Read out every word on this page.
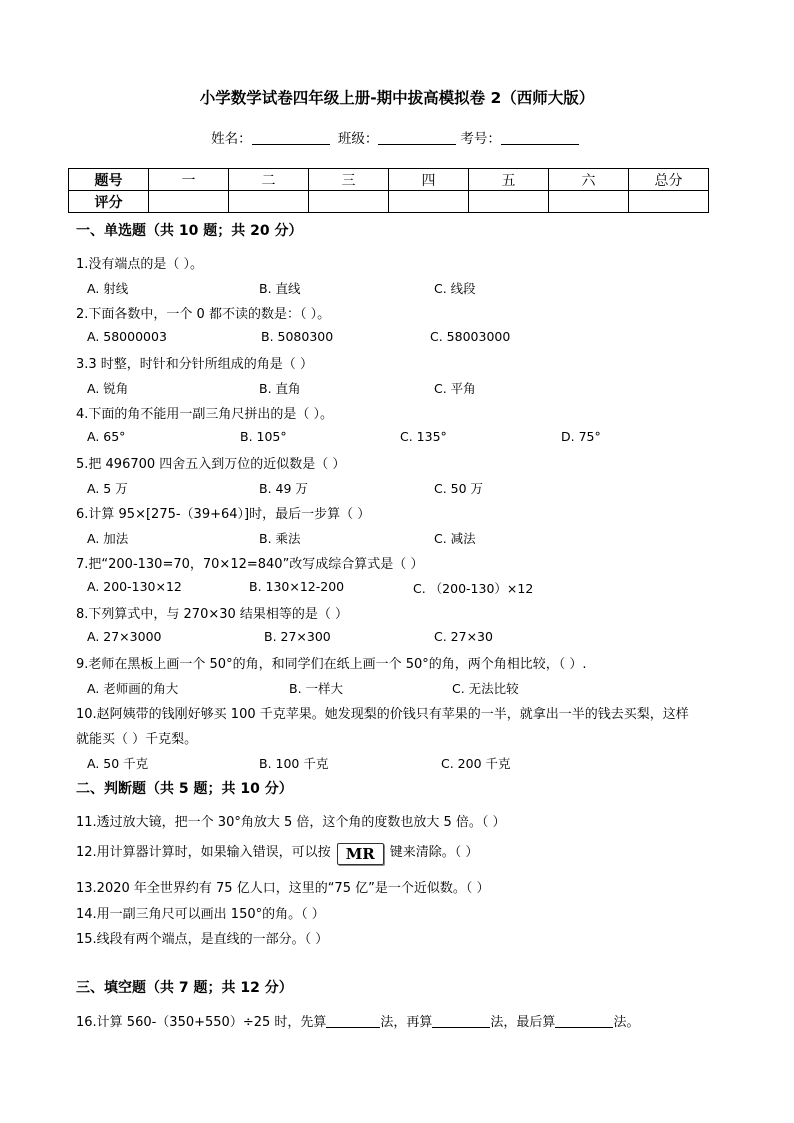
小学数学试卷四年级上册-期中拔高模拟卷 2（西师大版）
姓名：	班级：	考号：
题号	一	二	三	四	五	六	总分
评分							
一、单选题（共 10 题；共 20 分）
1.没有端点的是（ ）。
A. 射线	B. 直线	C. 线段
2.下面各数中，一个 0 都不读的数是：（ ）。
A. 58000003	B. 5080300	C. 58003000
3.3 时整，时针和分针所组成的角是（ ）
A. 锐角	B. 直角	C. 平角
4.下面的角不能用一副三角尺拼出的是（ ）。
A. 65°	B. 105°	C. 135°	D. 75°
5.把 496700 四舍五入到万位的近似数是（ ）
A. 5 万	B. 49 万	C. 50 万
6.计算 95×[275-（39+64）]时，最后一步算（ ）
A. 加法	B. 乘法	C. 减法
7.把“200-130=70，70×12=840”改写成综合算式是（ ）
A. 200-130×12	B. 130×12-200	C. （200-130）×12
8.下列算式中，与 270×30 结果相等的是（ ）
A. 27×3000	B. 27×300	C. 27×30
9.老师在黑板上画一个 50°的角，和同学们在纸上画一个 50°的角，两个角相比较，（ ）.
A. 老师画的角大	B. 一样大	C. 无法比较
10.赵阿姨带的钱刚好够买 100 千克苹果。她发现梨的价钱只有苹果的一半，就拿出一半的钱去买梨，这样
就能买（ ）千克梨。
A. 50 千克	B. 100 千克	C. 200 千克
二、判断题（共 5 题；共 10 分）
11.透过放大镜，把一个 30°角放大 5 倍，这个角的度数也放大 5 倍。（ ）
12.用计算器计算时，如果输入错误，可以按 MR 键来清除。（ ）
13.2020 年全世界约有 75 亿人口，这里的“75 亿”是一个近似数。（ ）
14.用一副三角尺可以画出 150°的角。（ ）
15.线段有两个端点，是直线的一部分。（ ）
三、填空题（共 7 题；共 12 分）
16.计算 560-（350+550）÷25 时，先算	法，再算	法，最后算	法。
